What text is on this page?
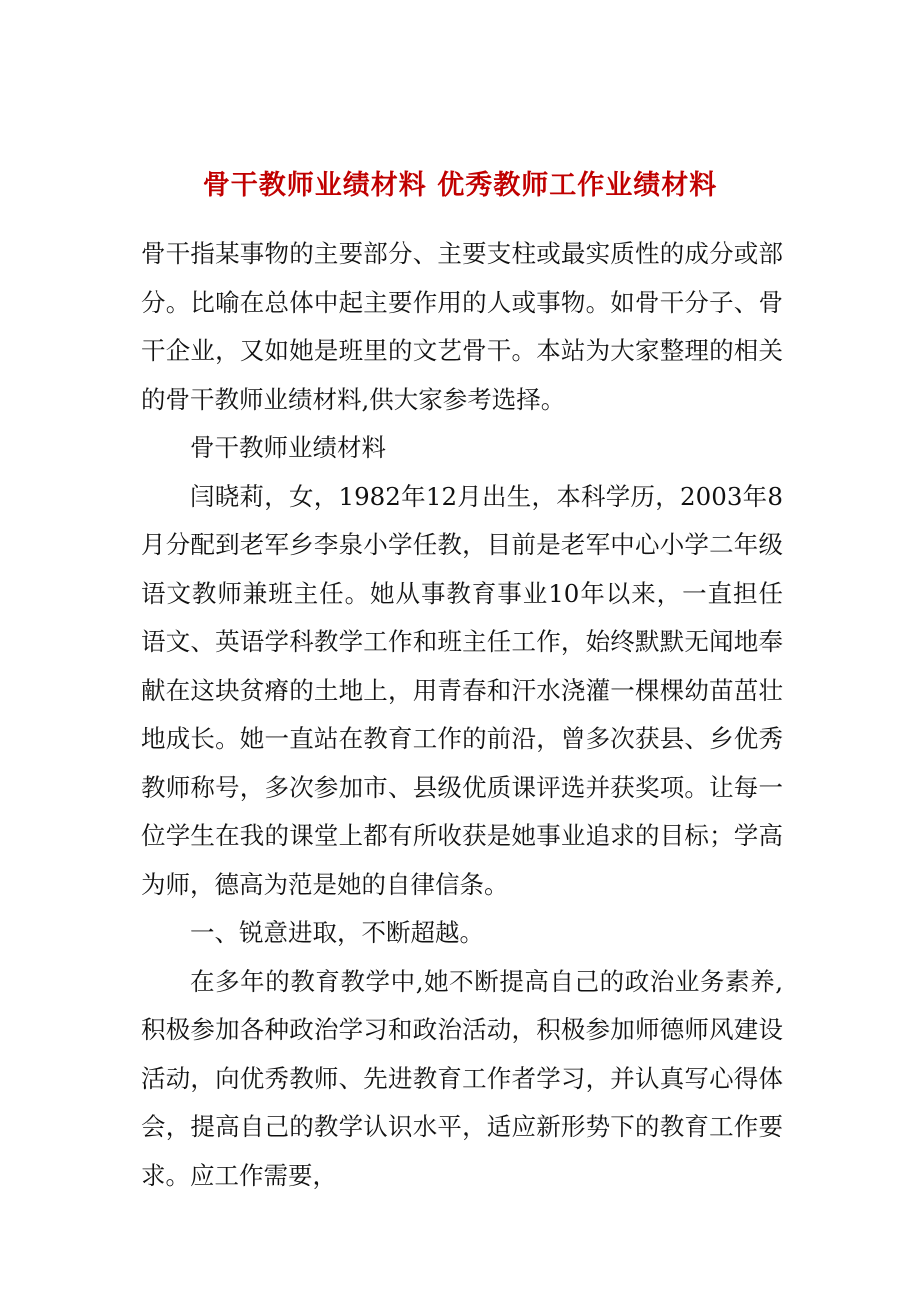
骨干教师业绩材料 优秀教师工作业绩材料

骨干指某事物的主要部分、主要支柱或最实质性的成分或部分。比喻在总体中起主要作用的人或事物。如骨干分子、骨干企业，又如她是班里的文艺骨干。本站为大家整理的相关的骨干教师业绩材料,供大家参考选择。

骨干教师业绩材料

闫晓莉，女，1982年12月出生，本科学历，2003年8月分配到老军乡李泉小学任教，目前是老军中心小学二年级语文教师兼班主任。她从事教育事业10年以来，一直担任语文、英语学科教学工作和班主任工作，始终默默无闻地奉献在这块贫瘠的土地上，用青春和汗水浇灌一棵棵幼苗茁壮地成长。她一直站在教育工作的前沿，曾多次获县、乡优秀教师称号，多次参加市、县级优质课评选并获奖项。让每一位学生在我的课堂上都有所收获是她事业追求的目标；学高为师，德高为范是她的自律信条。

一、锐意进取，不断超越。

在多年的教育教学中,她不断提高自己的政治业务素养,积极参加各种政治学习和政治活动，积极参加师德师风建设活动，向优秀教师、先进教育工作者学习，并认真写心得体会，提高自己的教学认识水平，适应新形势下的教育工作要求。应工作需要，
